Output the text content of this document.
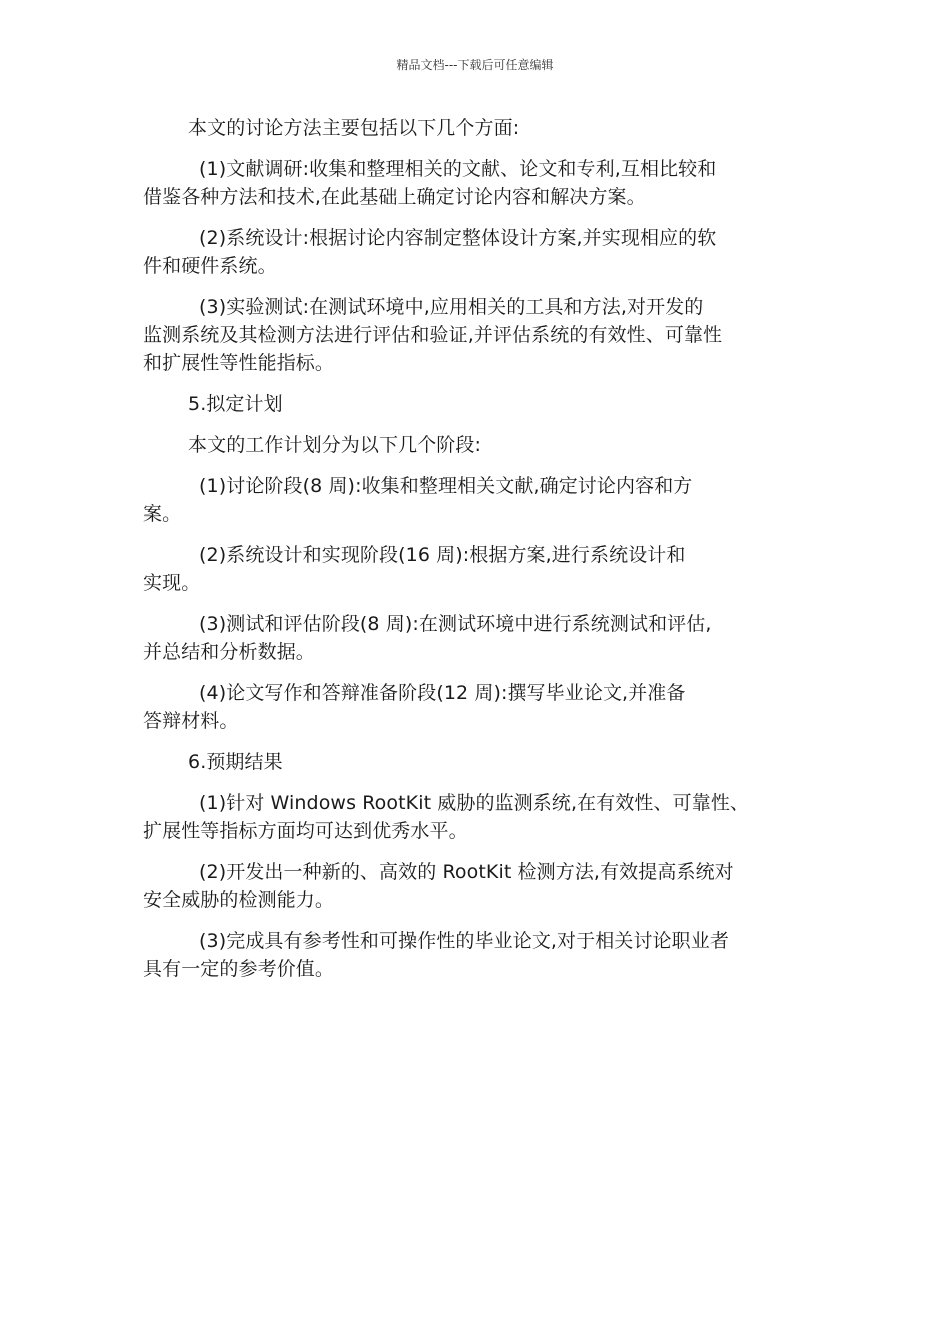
精品文档---下载后可任意编辑

本文的讨论方法主要包括以下几个方面:

(1)文献调研:收集和整理相关的文献、论文和专利,互相比较和
借鉴各种方法和技术,在此基础上确定讨论内容和解决方案。

(2)系统设计:根据讨论内容制定整体设计方案,并实现相应的软
件和硬件系统。

(3)实验测试:在测试环境中,应用相关的工具和方法,对开发的
监测系统及其检测方法进行评估和验证,并评估系统的有效性、可靠性
和扩展性等性能指标。

5.拟定计划

本文的工作计划分为以下几个阶段:

(1)讨论阶段(8 周):收集和整理相关文献,确定讨论内容和方
案。

(2)系统设计和实现阶段(16 周):根据方案,进行系统设计和
实现。

(3)测试和评估阶段(8 周):在测试环境中进行系统测试和评估,
并总结和分析数据。

(4)论文写作和答辩准备阶段(12 周):撰写毕业论文,并准备
答辩材料。

6.预期结果

(1)针对 Windows RootKit 威胁的监测系统,在有效性、可靠性、
扩展性等指标方面均可达到优秀水平。

(2)开发出一种新的、高效的 RootKit 检测方法,有效提高系统对
安全威胁的检测能力。

(3)完成具有参考性和可操作性的毕业论文,对于相关讨论职业者
具有一定的参考价值。
